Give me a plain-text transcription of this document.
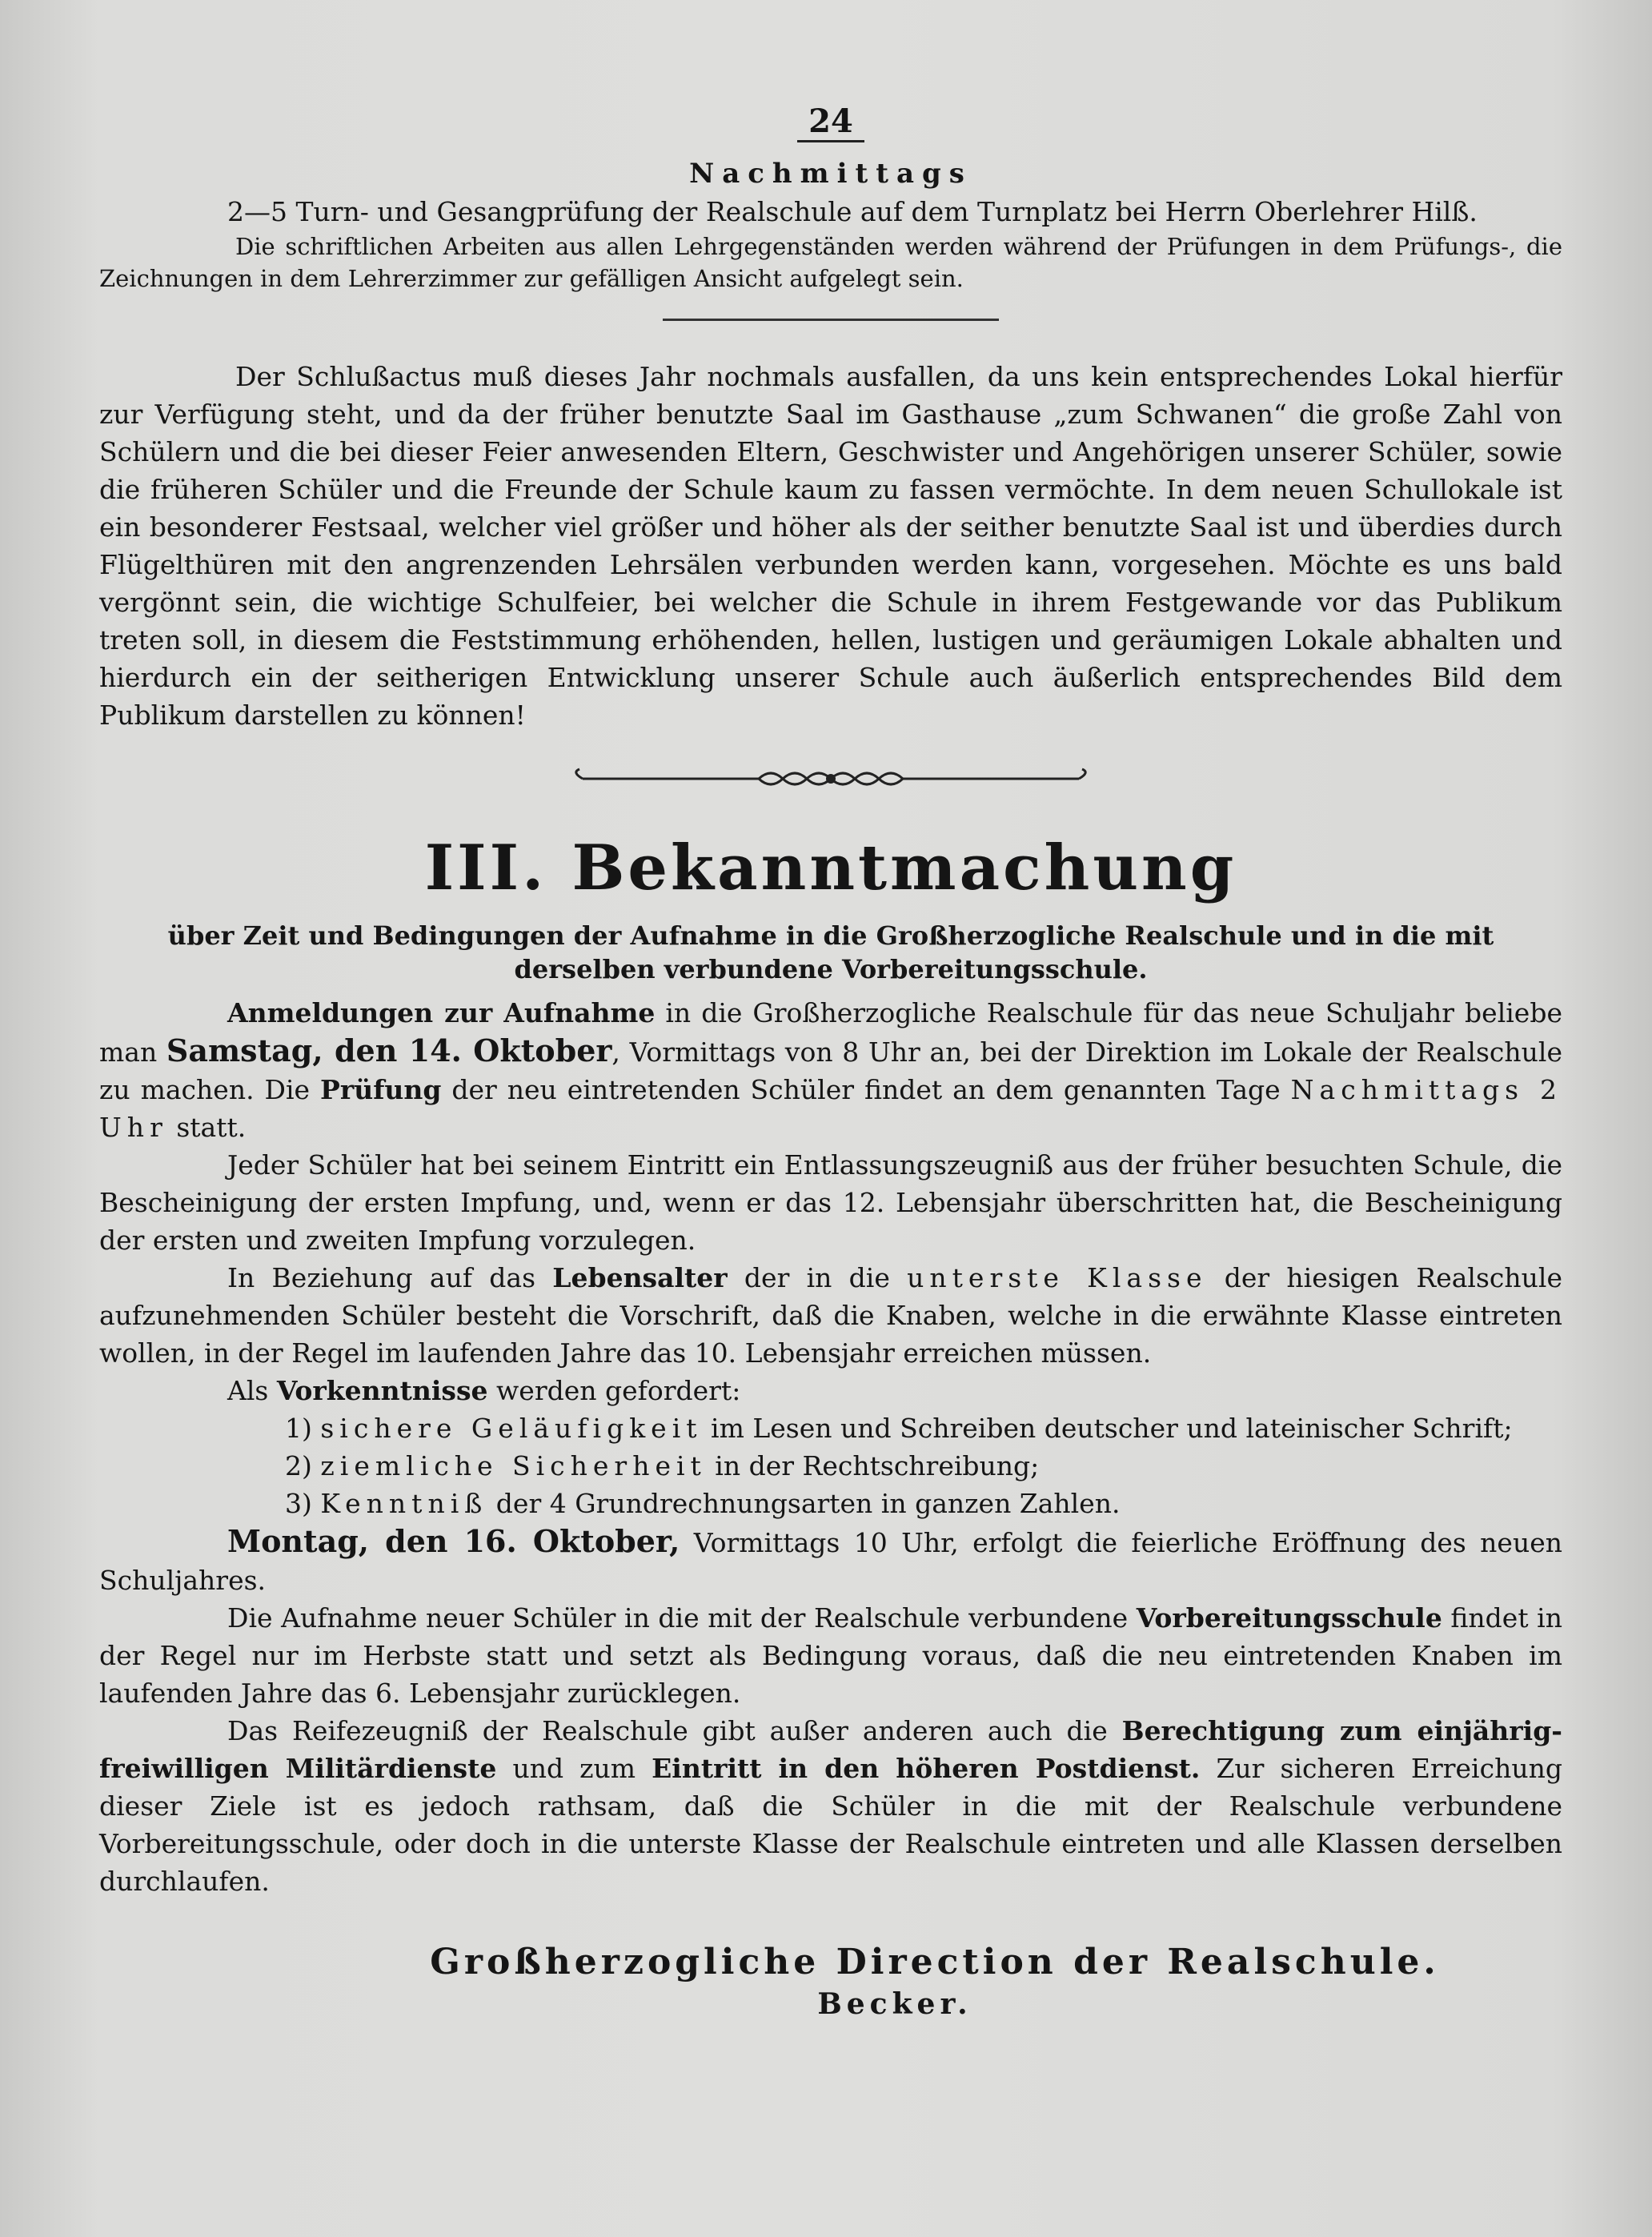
24
Nachmittags

2—5 Turn- und Gesangprüfung der Realschule auf dem Turnplatz bei Herrn Oberlehrer Hilß.

Die schriftlichen Arbeiten aus allen Lehrgegenständen werden während der Prüfungen in dem Prüfungs-, die Zeichnungen in dem Lehrerzimmer zur gefälligen Ansicht aufgelegt sein.

Der Schlußactus muß dieses Jahr nochmals ausfallen, da uns kein entsprechendes Lokal hierfür zur Verfügung steht, und da der früher benutzte Saal im Gasthause „zum Schwanen“ die große Zahl von Schülern und die bei dieser Feier anwesenden Eltern, Geschwister und Angehörigen unserer Schüler, sowie die früheren Schüler und die Freunde der Schule kaum zu fassen vermöchte. In dem neuen Schullokale ist ein besonderer Festsaal, welcher viel größer und höher als der seither benutzte Saal ist und überdies durch Flügelthüren mit den angrenzenden Lehrsälen verbunden werden kann, vorgesehen. Möchte es uns bald vergönnt sein, die wichtige Schulfeier, bei welcher die Schule in ihrem Festgewande vor das Publikum treten soll, in diesem die Feststimmung erhöhenden, hellen, lustigen und geräumigen Lokale abhalten und hierdurch ein der seitherigen Entwicklung unserer Schule auch äußerlich entsprechendes Bild dem Publikum darstellen zu können!

III. Bekanntmachung
über Zeit und Bedingungen der Aufnahme in die Großherzogliche Realschule und in die mit derselben verbundene Vorbereitungsschule.

Anmeldungen zur Aufnahme in die Großherzogliche Realschule für das neue Schuljahr beliebe man Samstag, den 14. Oktober, Vormittags von 8 Uhr an, bei der Direktion im Lokale der Realschule zu machen. Die Prüfung der neu eintretenden Schüler findet an dem genannten Tage Nachmittags 2 Uhr statt.

Jeder Schüler hat bei seinem Eintritt ein Entlassungszeugniß aus der früher besuchten Schule, die Bescheinigung der ersten Impfung, und, wenn er das 12. Lebensjahr überschritten hat, die Bescheinigung der ersten und zweiten Impfung vorzulegen.

In Beziehung auf das Lebensalter der in die unterste Klasse der hiesigen Realschule aufzunehmenden Schüler besteht die Vorschrift, daß die Knaben, welche in die erwähnte Klasse eintreten wollen, in der Regel im laufenden Jahre das 10. Lebensjahr erreichen müssen.

Als Vorkenntnisse werden gefordert:

1) sichere Geläufigkeit im Lesen und Schreiben deutscher und lateinischer Schrift;
2) ziemliche Sicherheit in der Rechtschreibung;
3) Kenntniß der 4 Grundrechnungsarten in ganzen Zahlen.

Montag, den 16. Oktober, Vormittags 10 Uhr, erfolgt die feierliche Eröffnung des neuen Schuljahres.

Die Aufnahme neuer Schüler in die mit der Realschule verbundene Vorbereitungsschule findet in der Regel nur im Herbste statt und setzt als Bedingung voraus, daß die neu eintretenden Knaben im laufenden Jahre das 6. Lebensjahr zurücklegen.

Das Reifezeugniß der Realschule gibt außer anderen auch die Berechtigung zum einjährig-freiwilligen Militärdienste und zum Eintritt in den höheren Postdienst. Zur sicheren Erreichung dieser Ziele ist es jedoch rathsam, daß die Schüler in die mit der Realschule verbundene Vorbereitungsschule, oder doch in die unterste Klasse der Realschule eintreten und alle Klassen derselben durchlaufen.

Großherzogliche Direction der Realschule.
Becker.
